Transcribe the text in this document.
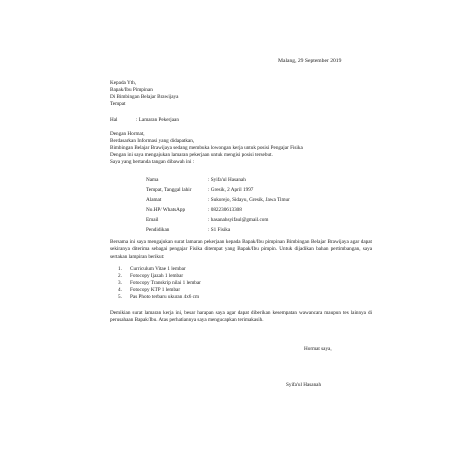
Malang, 29 September 2019
Kepada Yth,
Bapak/Ibu Pimpinan
Di Bimbingan Belajar Brawijaya
Tempat
Hal	: Lamaran Pekerjaan
Dengan Hormat,
Berdasarkan Informasi yang didapatkan,
Bimbingan Belajar Brawijaya sedang membuka lowongan kerja untuk posisi Pengajar Fisika
Dengan ini saya mengajukan lamaran pekerjaan untuk mengisi posisi tersebut.
Saya yang bertanda tangan dibawah ini :
Nama	: Syifa'ul Hasanah
Tempat, Tanggal lahir	: Gresik, 2 April 1997
Alamat	: Sukorejo, Sidayu, Gresik, Jawa Timur
No.HP/ WhatsApp	: 082230613308
Email	: hasanahsyifaul@gmail.com
Pendidikan	: S1 Fisika
Bersama ini saya mengajukan surat lamaran pekerjaan kepada Bapak/Ibu pimpinan Bimbingan Belajar Brawijaya agar dapat sekiranya diterima sebagai pengajar Fisika ditempat yang Bapak/Ibu pimpin. Untuk dijadikan bahan pertimbangan, saya sertakan lampiran berikut:
1. Curriculum Vitae 1 lembar
2. Fotocopy Ijazah 1 lembar
3. Fotocopy Transkrip nilai 1 lembar
4. Fotocopy KTP 1 lembar
5. Pas Photo terbaru ukuran 4x6 cm
Demikian surat lamaran kerja ini, besar harapan saya agar dapat diberikan kesempatan wawancara maupun tes lainnya di perusahaan Bapak/Ibu. Atas perhatiannya saya mengucapkan terimakasih.
Hormat saya,
Syifa'ul Hasanah
